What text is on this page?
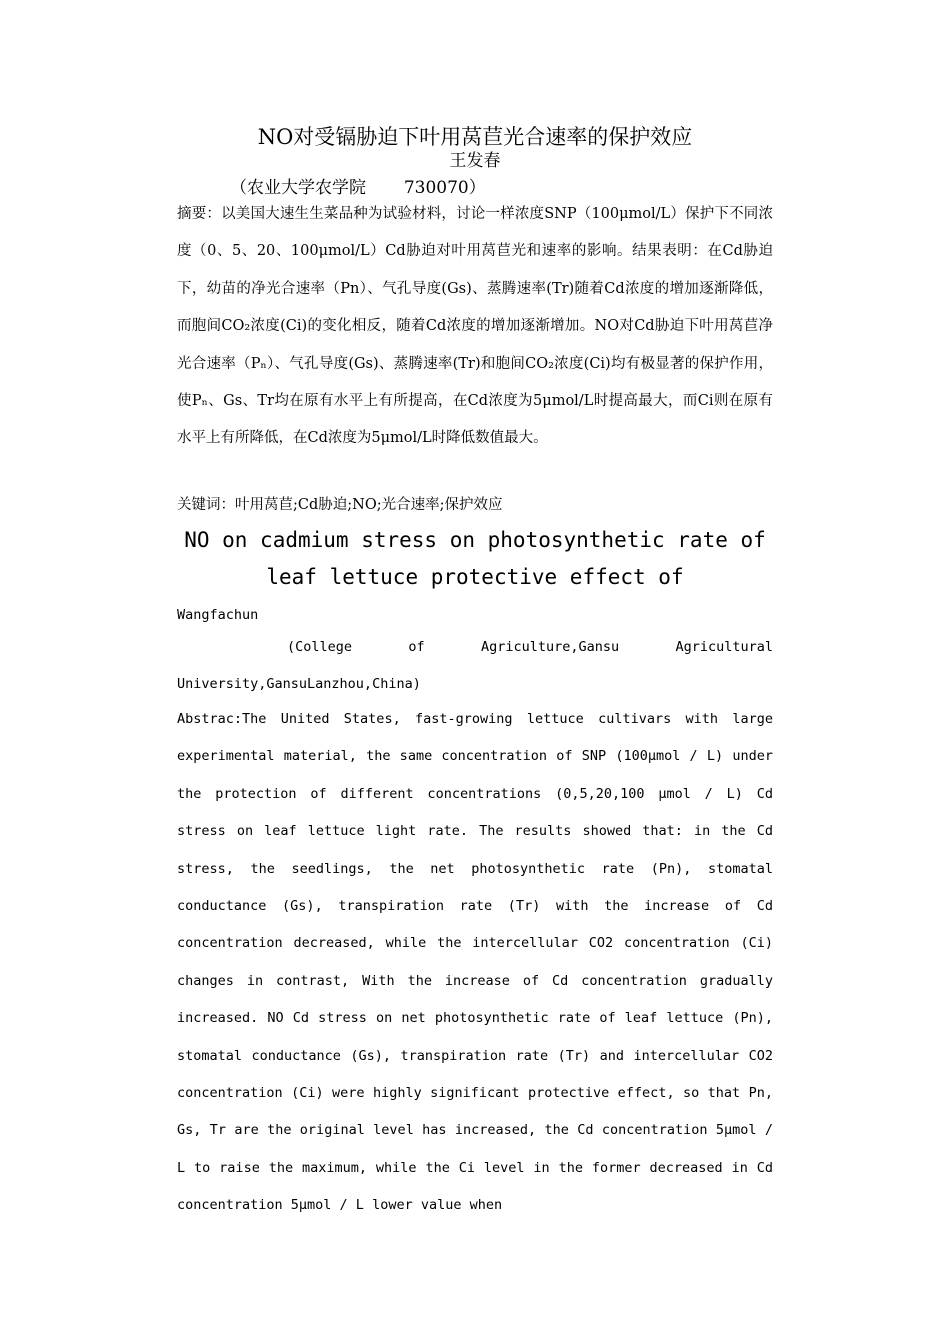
NO对受镉胁迫下叶用莴苣光合速率的保护效应
王发春
（农业大学农学院       730070）
摘要：以美国大速生生菜品种为试验材料，讨论一样浓度SNP（100μmol/L）保护下不同浓度（0、5、20、100μmol/L）Cd胁迫对叶用莴苣光和速率的影响。结果表明：在Cd胁迫下，幼苗的净光合速率（Pn）、气孔导度(Gs)、蒸腾速率(Tr)随着Cd浓度的增加逐渐降低，而胞间CO₂浓度(Ci)的变化相反，随着Cd浓度的增加逐渐增加。NO对Cd胁迫下叶用莴苣净光合速率（Pₙ）、气孔导度(Gs)、蒸腾速率(Tr)和胞间CO₂浓度(Ci)均有极显著的保护作用，使Pₙ、Gs、Tr均在原有水平上有所提高，在Cd浓度为5μmol/L时提高最大，而Ci则在原有水平上有所降低，在Cd浓度为5μmol/L时降低数值最大。
关键词：叶用莴苣;Cd胁迫;NO;光合速率;保护效应
NO on cadmium stress on photosynthetic rate of leaf lettuce protective effect of
Wangfachun
(College of Agriculture,Gansu Agricultural University,GansuLanzhou,China)
Abstrac:The United States, fast-growing lettuce cultivars with large experimental material, the same concentration of SNP (100μmol / L) under the protection of different concentrations (0,5,20,100 μmol / L) Cd stress on leaf lettuce light rate. The results showed that: in the Cd stress, the seedlings, the net photosynthetic rate (Pn), stomatal conductance (Gs), transpiration rate (Tr) with the increase of Cd concentration decreased, while the intercellular CO2 concentration (Ci) changes in contrast, With the increase of Cd concentration gradually increased. NO Cd stress on net photosynthetic rate of leaf lettuce (Pn), stomatal conductance (Gs), transpiration rate (Tr) and intercellular CO2 concentration (Ci) were highly significant protective effect, so that Pn, Gs, Tr are the original level has increased, the Cd concentration 5μmol / L to raise the maximum, while the Ci level in the former decreased in Cd concentration 5μmol / L lower value when
